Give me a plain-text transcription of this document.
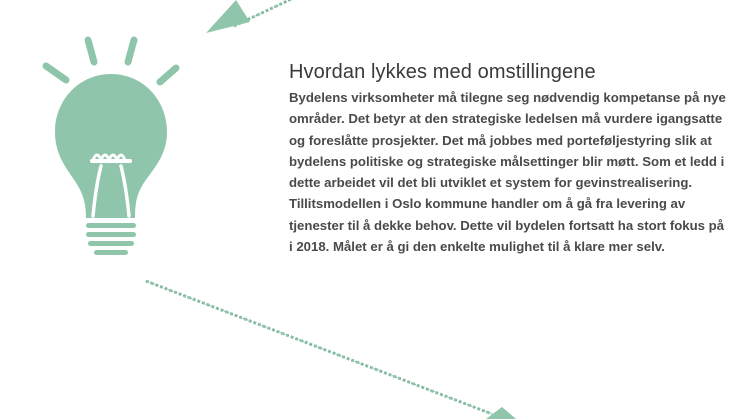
Hvordan lykkes med omstillingene

Bydelens virksomheter må tilegne seg nødvendig kompetanse på nye områder. Det betyr at den strategiske ledelsen må vurdere igangsatte og foreslåtte prosjekter. Det må jobbes med porteføljestyring slik at bydelens politiske og strategiske målsettinger blir møtt. Som et ledd i dette arbeidet vil det bli utviklet et system for gevinstrealisering. Tillitsmodellen i Oslo kommune handler om å gå fra levering av tjenester til å dekke behov. Dette vil bydelen fortsatt ha stort fokus på i 2018. Målet er å gi den enkelte mulighet til å klare mer selv.
